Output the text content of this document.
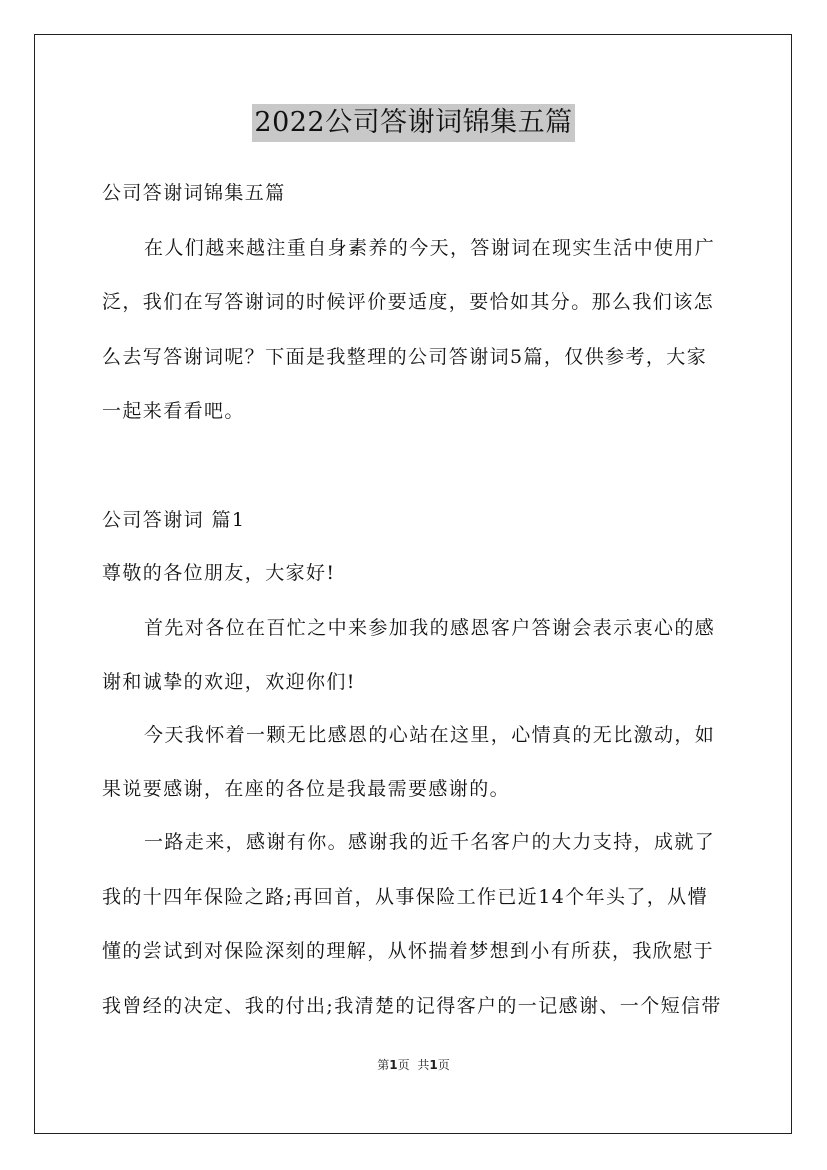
2022公司答谢词锦集五篇
公司答谢词锦集五篇
在人们越来越注重自身素养的今天，答谢词在现实生活中使用广
泛，我们在写答谢词的时候评价要适度，要恰如其分。那么我们该怎
么去写答谢词呢？下面是我整理的公司答谢词5篇，仅供参考，大家
一起来看看吧。
公司答谢词 篇1
尊敬的各位朋友，大家好!
首先对各位在百忙之中来参加我的感恩客户答谢会表示衷心的感
谢和诚挚的欢迎，欢迎你们!
今天我怀着一颗无比感恩的心站在这里，心情真的无比激动，如
果说要感谢，在座的各位是我最需要感谢的。
一路走来，感谢有你。感谢我的近千名客户的大力支持，成就了
我的十四年保险之路;再回首，从事保险工作已近14个年头了，从懵
懂的尝试到对保险深刻的理解，从怀揣着梦想到小有所获，我欣慰于
我曾经的决定、我的付出;我清楚的记得客户的一记感谢、一个短信带
第1页 共1页
